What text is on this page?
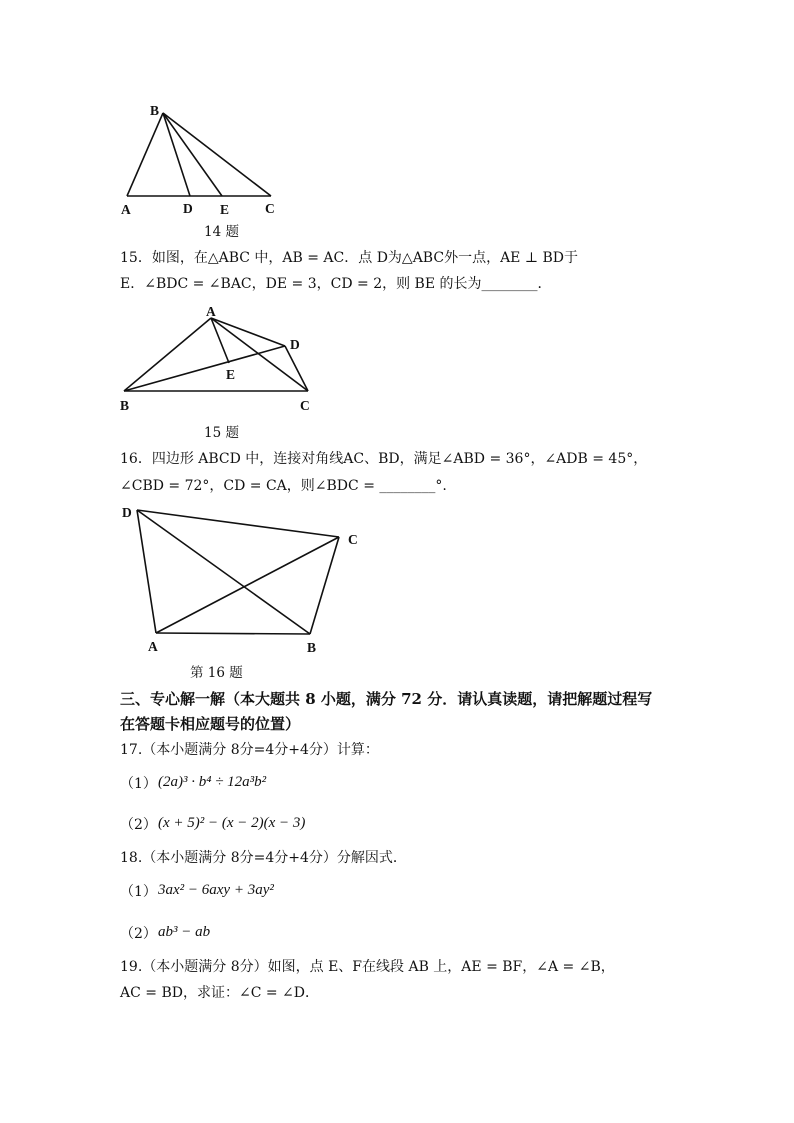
B
A	D E	C
14 题
15．如图，在△ABC 中，AB = AC．点 D为△ABC外一点，AE ⊥ BD于
E．∠BDC = ∠BAC，DE = 3，CD = 2，则 BE 的长为________．
A
D
E
B	C
15 题
16．四边形 ABCD 中，连接对角线AC、BD，满足∠ABD = 36°，∠ADB = 45°，
∠CBD = 72°，CD = CA，则∠BDC = ________°.
D
C
A	B
第 16 题
三、专心解一解（本大题共 8 小题，满分 72 分．请认真读题，请把解题过程写
在答题卡相应题号的位置）
17.（本小题满分 8分=4分+4分）计算：
（1） (2a)³ · b⁴ ÷ 12a³b²
（2） (x + 5)² − (x − 2)(x − 3)
18.（本小题满分 8分=4分+4分）分解因式．
（1） 3ax² − 6axy + 3ay²
（2） ab³ − ab
19.（本小题满分 8分）如图，点 E、F在线段 AB 上，AE = BF，∠A = ∠B，
AC = BD，求证：∠C = ∠D．
